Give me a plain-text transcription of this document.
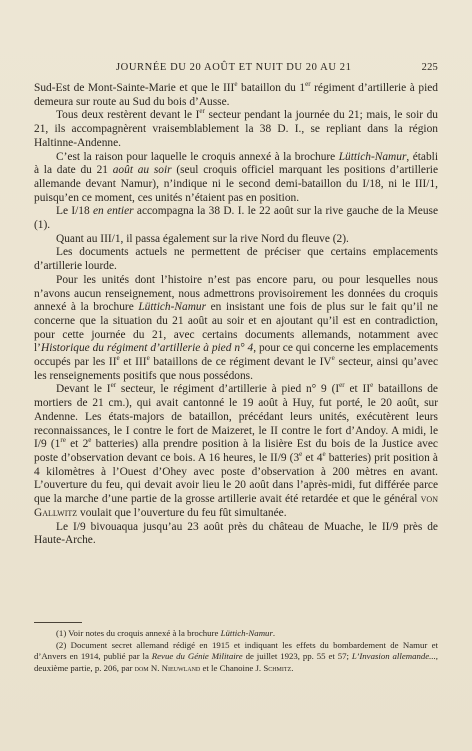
JOURNÉE DU 20 AOÛT ET NUIT DU 20 AU 21	225

Sud-Est de Mont-Sainte-Marie et que le IIIe bataillon du 1er régiment d’artillerie à pied demeura sur route au Sud du bois d’Ausse.

Tous deux restèrent devant le Ier secteur pendant la journée du 21; mais, le soir du 21, ils accompagnèrent vraisemblablement la 38 D. I., se repliant dans la région Haltinne-Andenne.

C’est la raison pour laquelle le croquis annexé à la brochure Lüttich-Namur, établi à la date du 21 août au soir (seul croquis officiel marquant les positions d’artillerie allemande devant Namur), n’indique ni le second demi-bataillon du I/18, ni le III/1, puisqu’en ce moment, ces unités n’étaient pas en position.

Le I/18 en entier accompagna la 38 D. I. le 22 août sur la rive gauche de la Meuse (1).

Quant au III/1, il passa également sur la rive Nord du fleuve (2).

Les documents actuels ne permettent de préciser que certains emplacements d’artillerie lourde.

Pour les unités dont l’histoire n’est pas encore paru, ou pour lesquelles nous n’avons aucun renseignement, nous admettrons provisoirement les données du croquis annexé à la brochure Lüttich-Namur en insistant une fois de plus sur le fait qu’il ne concerne que la situation du 21 août au soir et en ajoutant qu’il est en contradiction, pour cette journée du 21, avec certains documents allemands, notamment avec l’Historique du régiment d’artillerie à pied n° 4, pour ce qui concerne les emplacements occupés par les IIe et IIIe bataillons de ce régiment devant le IVe secteur, ainsi qu’avec les renseignements positifs que nous possédons.

Devant le Ier secteur, le régiment d’artillerie à pied n° 9 (Ier et IIe bataillons de mortiers de 21 cm.), qui avait cantonné le 19 août à Huy, fut porté, le 20 août, sur Andenne. Les états-majors de bataillon, précédant leurs unités, exécutèrent leurs reconnaissances, le I contre le fort de Maizeret, le II contre le fort d’Andoy. A midi, le I/9 (1re et 2e batteries) alla prendre position à la lisière Est du bois de la Justice avec poste d’observation devant ce bois. A 16 heures, le II/9 (3e et 4e batteries) prit position à 4 kilomètres à l’Ouest d’Ohey avec poste d’observation à 200 mètres en avant. L’ouverture du feu, qui devait avoir lieu le 20 août dans l’après-midi, fut différée parce que la marche d’une partie de la grosse artillerie avait été retardée et que le général von Gallwitz voulait que l’ouverture du feu fût simultanée.

Le I/9 bivouaqua jusqu’au 23 août près du château de Muache, le II/9 près de Haute-Arche.

(1) Voir notes du croquis annexé à la brochure Lüttich-Namur.

(2) Document secret allemand rédigé en 1915 et indiquant les effets du bombardement de Namur et d’Anvers en 1914, publié par la Revue du Génie Militaire de juillet 1923, pp. 55 et 57; L’Invasion allemande..., deuxième partie, p. 206, par dom N. Nieuwland et le Chanoine J. Schmitz.
